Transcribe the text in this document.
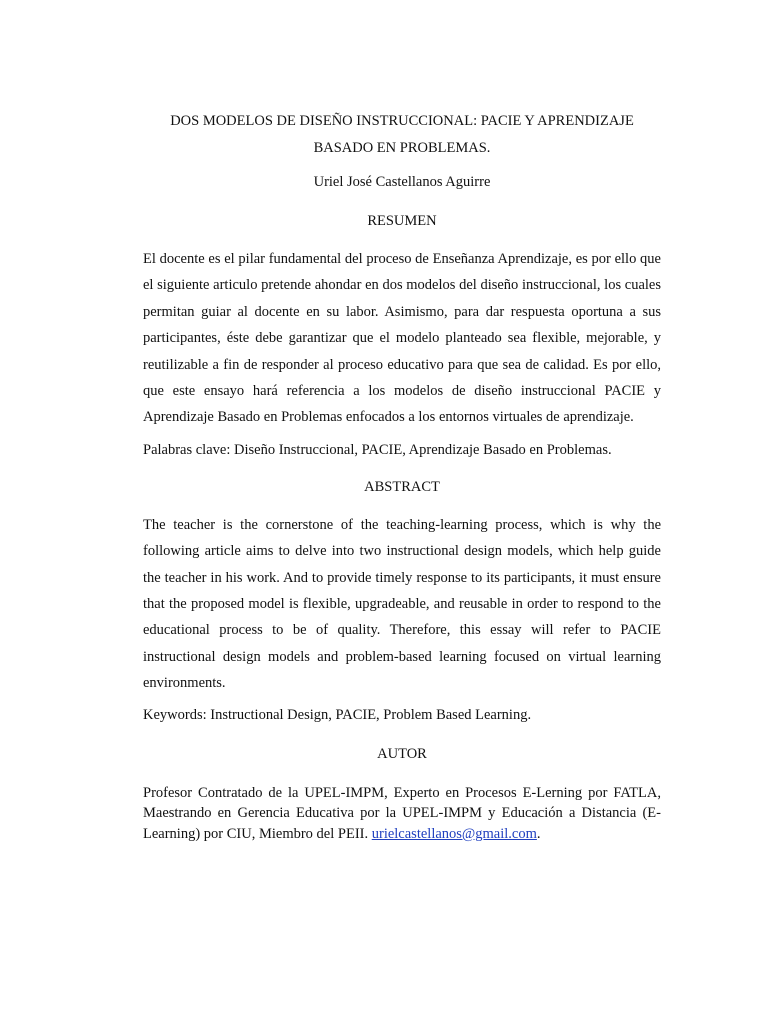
DOS MODELOS DE DISEÑO INSTRUCCIONAL: PACIE Y APRENDIZAJE
BASADO EN PROBLEMAS.

Uriel José Castellanos Aguirre

RESUMEN

El docente es el pilar fundamental del proceso de Enseñanza Aprendizaje, es por ello que el siguiente articulo pretende ahondar en dos modelos del diseño instruccional, los cuales permitan guiar al docente en su labor. Asimismo, para dar respuesta oportuna a sus participantes, éste debe garantizar que el modelo planteado sea flexible, mejorable, y reutilizable a fin de responder al proceso educativo para que sea de calidad. Es por ello, que este ensayo hará referencia a los modelos de diseño instruccional PACIE y Aprendizaje Basado en Problemas enfocados a los entornos virtuales de aprendizaje.

Palabras clave: Diseño Instruccional, PACIE, Aprendizaje Basado en Problemas.

ABSTRACT

The teacher is the cornerstone of the teaching-learning process, which is why the following article aims to delve into two instructional design models, which help guide the teacher in his work. And to provide timely response to its participants, it must ensure that the proposed model is flexible, upgradeable, and reusable in order to respond to the educational process to be of quality. Therefore, this essay will refer to PACIE instructional design models and problem-based learning focused on virtual learning environments.

Keywords: Instructional Design, PACIE, Problem Based Learning.

AUTOR

Profesor Contratado de la UPEL-IMPM, Experto en Procesos E-Lerning por FATLA, Maestrando en Gerencia Educativa por la UPEL-IMPM y Educación a Distancia (E-Learning) por CIU, Miembro del PEII. urielcastellanos@gmail.com.
